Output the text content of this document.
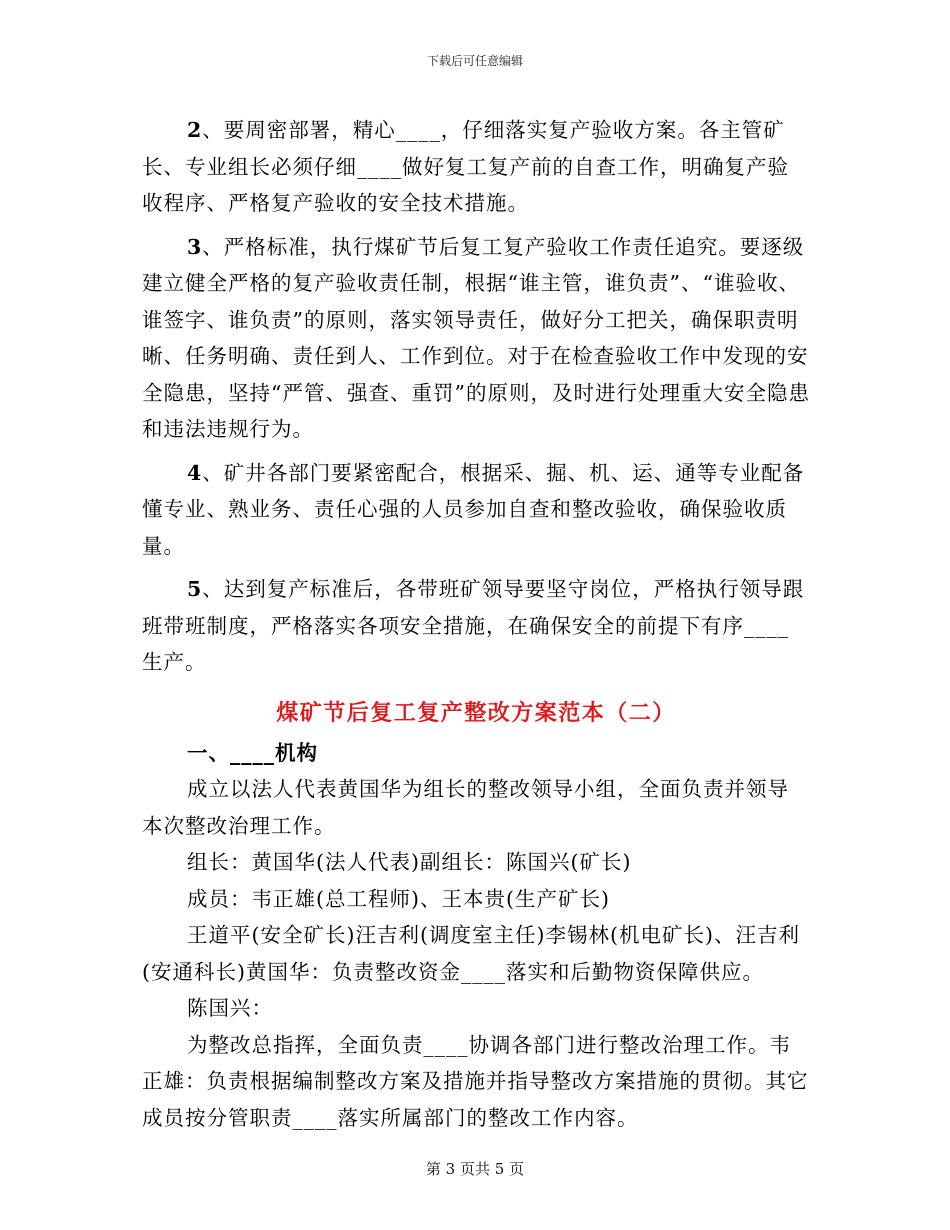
下载后可任意编辑

2、要周密部署，精心____，仔细落实复产验收方案。各主管矿长、专业组长必须仔细____做好复工复产前的自查工作，明确复产验收程序、严格复产验收的安全技术措施。

3、严格标准，执行煤矿节后复工复产验收工作责任追究。要逐级建立健全严格的复产验收责任制，根据“谁主管，谁负责”、“谁验收、谁签字、谁负责”的原则，落实领导责任，做好分工把关，确保职责明晰、任务明确、责任到人、工作到位。对于在检查验收工作中发现的安全隐患，坚持“严管、强查、重罚”的原则，及时进行处理重大安全隐患和违法违规行为。

4、矿井各部门要紧密配合，根据采、掘、机、运、通等专业配备懂专业、熟业务、责任心强的人员参加自查和整改验收，确保验收质量。

5、达到复产标准后，各带班矿领导要坚守岗位，严格执行领导跟班带班制度，严格落实各项安全措施，在确保安全的前提下有序____生产。

煤矿节后复工复产整改方案范本（二）

一、____机构

成立以法人代表黄国华为组长的整改领导小组，全面负责并领导本次整改治理工作。

组长：黄国华(法人代表)副组长：陈国兴(矿长)

成员：韦正雄(总工程师)、王本贵(生产矿长)

王道平(安全矿长)汪吉利(调度室主任)李锡林(机电矿长)、汪吉利(安通科长)黄国华：负责整改资金____落实和后勤物资保障供应。

陈国兴：

为整改总指挥，全面负责____协调各部门进行整改治理工作。韦正雄：负责根据编制整改方案及措施并指导整改方案措施的贯彻。其它成员按分管职责____落实所属部门的整改工作内容。

第 3 页共 5 页
